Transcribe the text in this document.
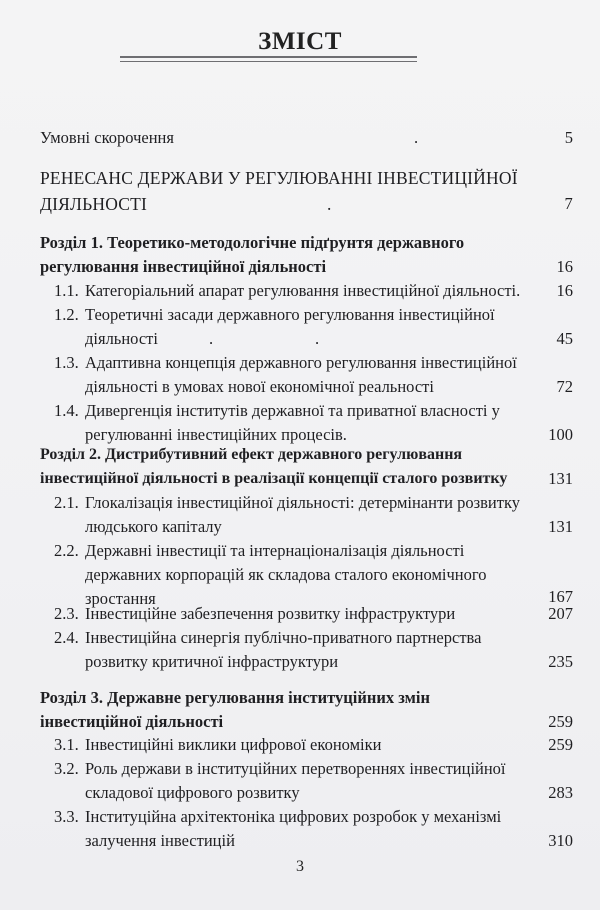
ЗМІСТ
Умовні скорочення	.	5
РЕНЕСАНС ДЕРЖАВИ У РЕГУЛЮВАННІ ІНВЕСТИЦІЙНОЇ
ДІЯЛЬНОСТІ	.	7
Розділ 1. Теоретико-методологічне підґрунтя державного
регулювання інвестиційної діяльності	16
1.1. Категоріальний апарат регулювання інвестиційної діяльності. 16
1.2. Теоретичні засади державного регулювання інвестиційної
діяльності	.	.	45
1.3. Адаптивна концепція державного регулювання інвестиційної
діяльності в умовах нової економічної реальності	72
1.4. Дивергенція інститутів державної та приватної власності у
регулюванні інвестиційних процесів.	100
Розділ 2. Дистрибутивний ефект державного регулювання
інвестиційної діяльності в реалізації концепції сталого розвитку 131
2.1. Глокалізація інвестиційної діяльності: детермінанти розвитку
людського капіталу	131
2.2. Державні інвестиції та інтернаціоналізація діяльності
державних корпорацій як складова сталого економічного
зростання	167
2.3. Інвестиційне забезпечення розвитку інфраструктури	207
2.4. Інвестиційна синергія публічно-приватного партнерства
розвитку критичної інфраструктури	235
Розділ 3. Державне регулювання інституційних змін
інвестиційної діяльності	259
3.1. Інвестиційні виклики цифрової економіки	259
3.2. Роль держави в інституційних перетвореннях інвестиційної
складової цифрового розвитку	283
3.3. Інституційна архітектоніка цифрових розробок у механізмі
залучення інвестицій	310
3
